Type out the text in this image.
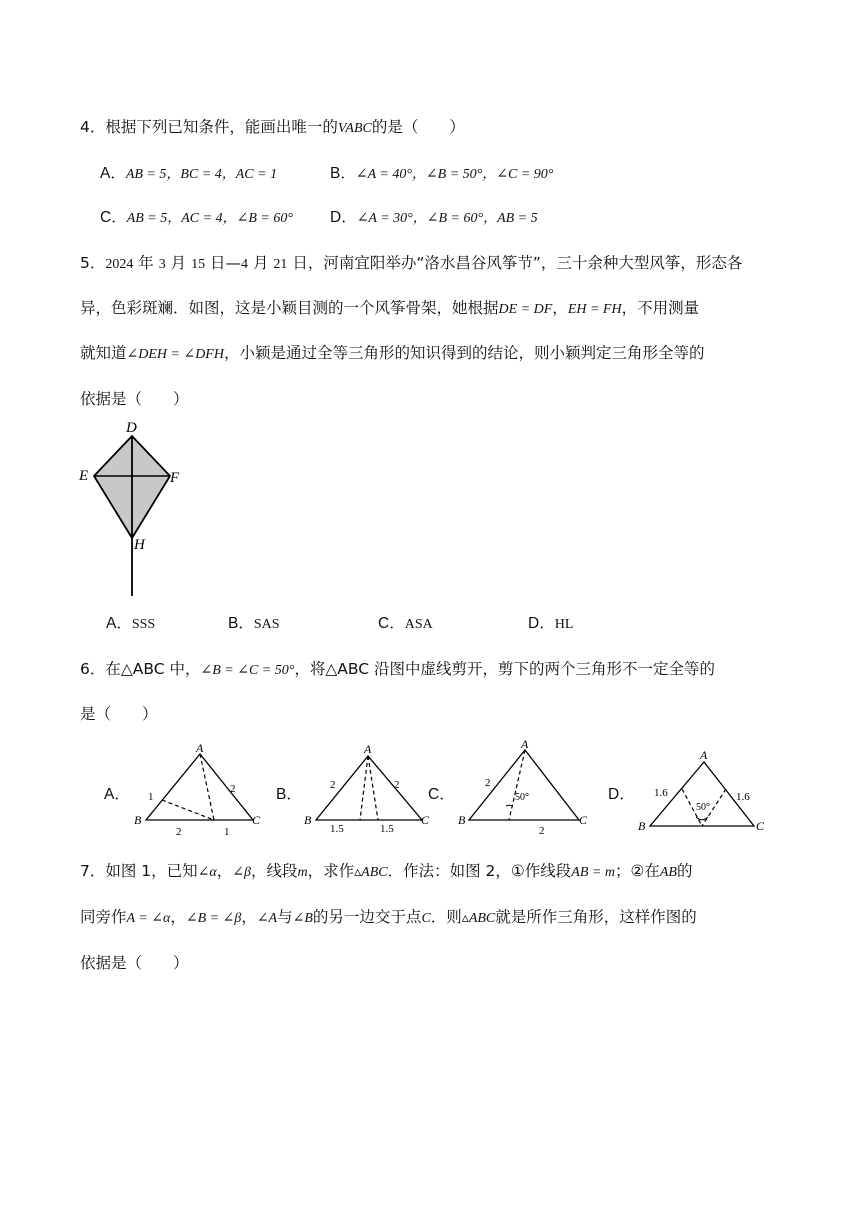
4．根据下列已知条件，能画出唯一的VABC的是（　　）
A．AB = 5，BC = 4，AC = 1	B．∠A = 40°，∠B = 50°，∠C = 90°
C．AB = 5，AC = 4，∠B = 60° D．∠A = 30°，∠B = 60°，AB = 5
5．2024 年 3 月 15 日—4 月 21 日，河南宜阳举办“洛水昌谷风筝节”，三十余种大型风筝，形态各
异，色彩斑斓．如图，这是小颖目测的一个风筝骨架，她根据DE = DF，EH = FH，不用测量
就知道∠DEH = ∠DFH，小颖是通过全等三角形的知识得到的结论，则小颖判定三角形全等的
依据是（　　）
D
E	F
H
A．SSS	B．SAS	C．ASA	D．HL
6．在△ABC 中，∠B = ∠C = 50°，将△ABC 沿图中虚线剪开，剪下的两个三角形不一定全等的
是（　　）
A．
A
B	C
1
2
2	1
B．
A
B	C
2	2
1.5	1.5
C．
A
B	C
2
50°
2
D．
A
B	C
1.6	1.6
50°
7．如图 1，已知∠α，∠β，线段m，求作▵ABC．作法：如图 2，①作线段AB = m；②在AB的
同旁作A = ∠α，∠B = ∠β，∠A与∠B的另一边交于点C．则▵ABC就是所作三角形，这样作图的
依据是（　　）
